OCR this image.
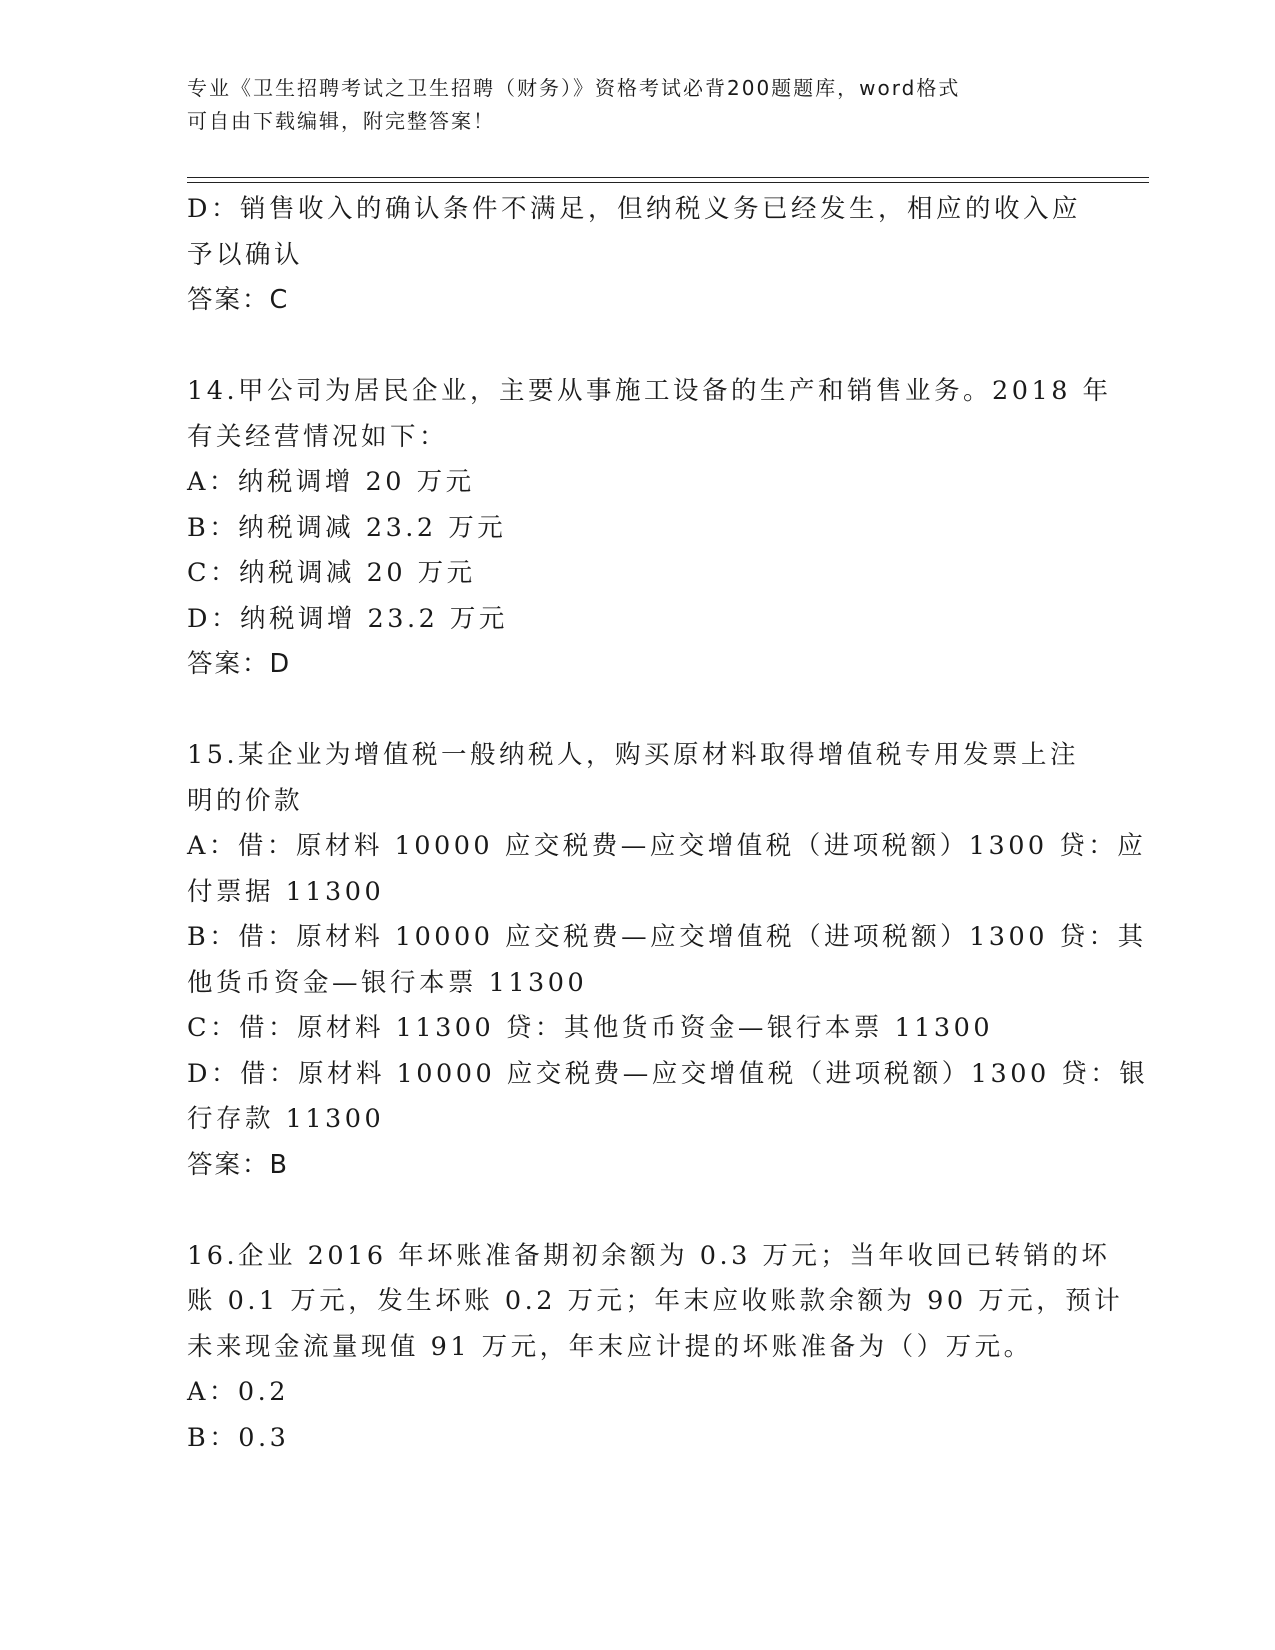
专业《卫生招聘考试之卫生招聘（财务）》资格考试必背200题题库，word格式
可自由下载编辑，附完整答案！
D：销售收入的确认条件不满足，但纳税义务已经发生，相应的收入应
予以确认
答案：C
14.甲公司为居民企业，主要从事施工设备的生产和销售业务。2018 年
有关经营情况如下：
A：纳税调增 20 万元
B：纳税调减 23.2 万元
C：纳税调减 20 万元
D：纳税调增 23.2 万元
答案：D
15.某企业为增值税一般纳税人，购买原材料取得增值税专用发票上注
明的价款
A：借：原材料 10000 应交税费—应交增值税（进项税额）1300 贷：应
付票据 11300
B：借：原材料 10000 应交税费—应交增值税（进项税额）1300 贷：其
他货币资金—银行本票 11300
C：借：原材料 11300 贷：其他货币资金—银行本票 11300
D：借：原材料 10000 应交税费—应交增值税（进项税额）1300 贷：银
行存款 11300
答案：B
16.企业 2016 年坏账准备期初余额为 0.3 万元；当年收回已转销的坏
账 0.1 万元，发生坏账 0.2 万元；年末应收账款余额为 90 万元，预计
未来现金流量现值 91 万元，年末应计提的坏账准备为（）万元。
A：0.2
B：0.3
